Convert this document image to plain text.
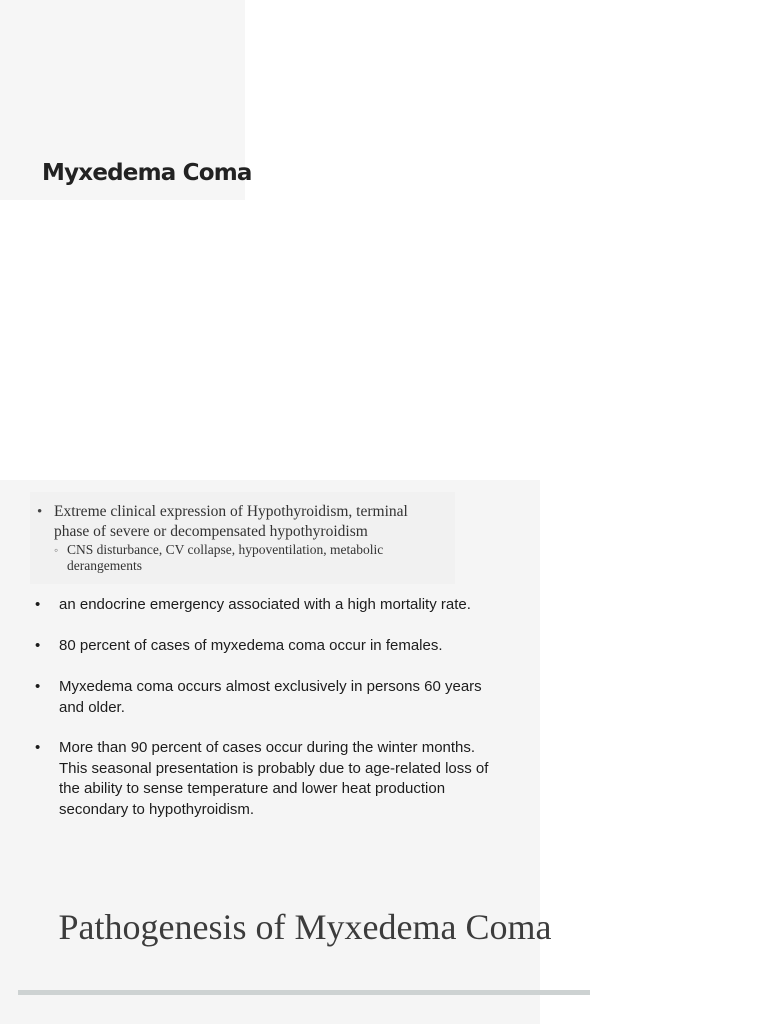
Myxedema Coma
• Extreme clinical expression of Hypothyroidism, terminal phase of severe or decompensated hypothyroidism
◦ CNS disturbance, CV collapse, hypoventilation, metabolic derangements
• an endocrine emergency associated with a high mortality rate.
• 80 percent of cases of myxedema coma occur in females.
• Myxedema coma occurs almost exclusively in persons 60 years and older.
• More than 90 percent of cases occur during the winter months. This seasonal presentation is probably due to age-related loss of the ability to sense temperature and lower heat production secondary to hypothyroidism.
Pathogenesis of Myxedema Coma
